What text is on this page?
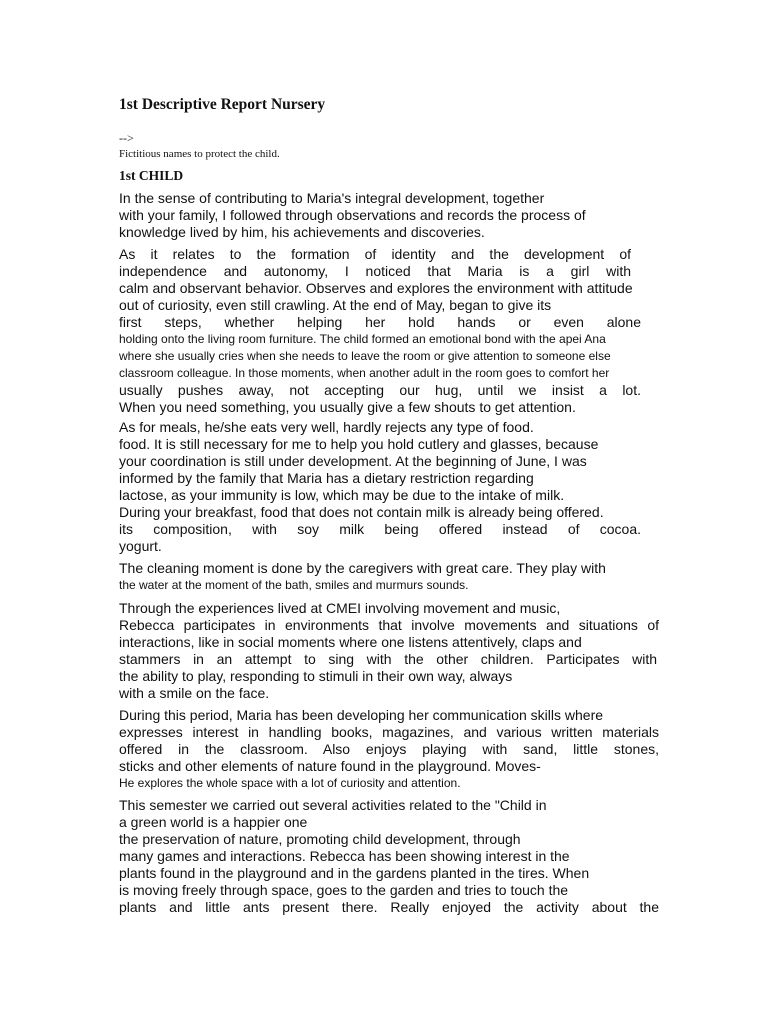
1st Descriptive Report Nursery
-->
Fictitious names to protect the child.
1st CHILD
In the sense of contributing to Maria's integral development, together
with your family, I followed through observations and records the process of
knowledge lived by him, his achievements and discoveries.
As it relates to the formation of identity and the development of
independence and autonomy, I noticed that Maria is a girl with
calm and observant behavior. Observes and explores the environment with attitude
out of curiosity, even still crawling. At the end of May, began to give its
first steps, whether helping her hold hands or even alone
holding onto the living room furniture. The child formed an emotional bond with the apei Ana
where she usually cries when she needs to leave the room or give attention to someone else
classroom colleague. In those moments, when another adult in the room goes to comfort her
usually pushes away, not accepting our hug, until we insist a lot.
When you need something, you usually give a few shouts to get attention.
As for meals, he/she eats very well, hardly rejects any type of food.
food. It is still necessary for me to help you hold cutlery and glasses, because
your coordination is still under development. At the beginning of June, I was
informed by the family that Maria has a dietary restriction regarding
lactose, as your immunity is low, which may be due to the intake of milk.
During your breakfast, food that does not contain milk is already being offered.
its composition, with soy milk being offered instead of cocoa.
yogurt.
The cleaning moment is done by the caregivers with great care. They play with
the water at the moment of the bath, smiles and murmurs sounds.
Through the experiences lived at CMEI involving movement and music,
Rebecca participates in environments that involve movements and situations of
interactions, like in social moments where one listens attentively, claps and
stammers in an attempt to sing with the other children. Participates with
the ability to play, responding to stimuli in their own way, always
with a smile on the face.
During this period, Maria has been developing her communication skills where
expresses interest in handling books, magazines, and various written materials
offered in the classroom. Also enjoys playing with sand, little stones,
sticks and other elements of nature found in the playground. Moves-
He explores the whole space with a lot of curiosity and attention.
This semester we carried out several activities related to the "Child in
a green world is a happier one
the preservation of nature, promoting child development, through
many games and interactions. Rebecca has been showing interest in the
plants found in the playground and in the gardens planted in the tires. When
is moving freely through space, goes to the garden and tries to touch the
plants and little ants present there. Really enjoyed the activity about the
